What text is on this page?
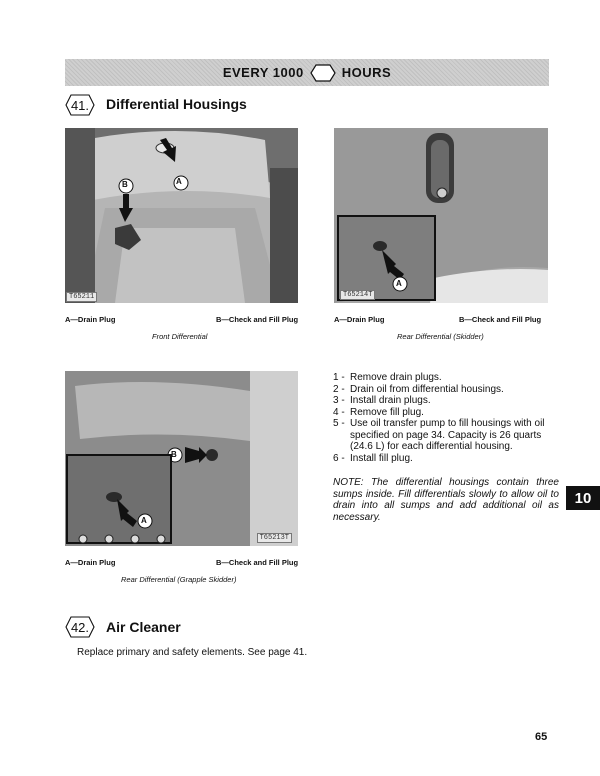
EVERY 1000	HOURS
41. Differential Housings
A
B
T65211
A—Drain Plug	B—Check and Fill Plug
Front Differential
A
T65214T
A—Drain Plug	B—Check and Fill Plug
Rear Differential (Skidder)
B
A
T65213T
A—Drain Plug	B—Check and Fill Plug
Rear Differential (Grapple Skidder)
1 - Remove drain plugs.
2 - Drain oil from differential housings.
3 - Install drain plugs.
4 - Remove fill plug.
5 - Use oil transfer pump to fill housings with oil specified on page 34. Capacity is 26 quarts (24.6 L) for each differential housing.
6 - Install fill plug.
NOTE: The differential housings contain three sumps inside. Fill differentials slowly to allow oil to drain into all sumps and add additional oil as necessary.
10
42. Air Cleaner
Replace primary and safety elements. See page 41.
65
